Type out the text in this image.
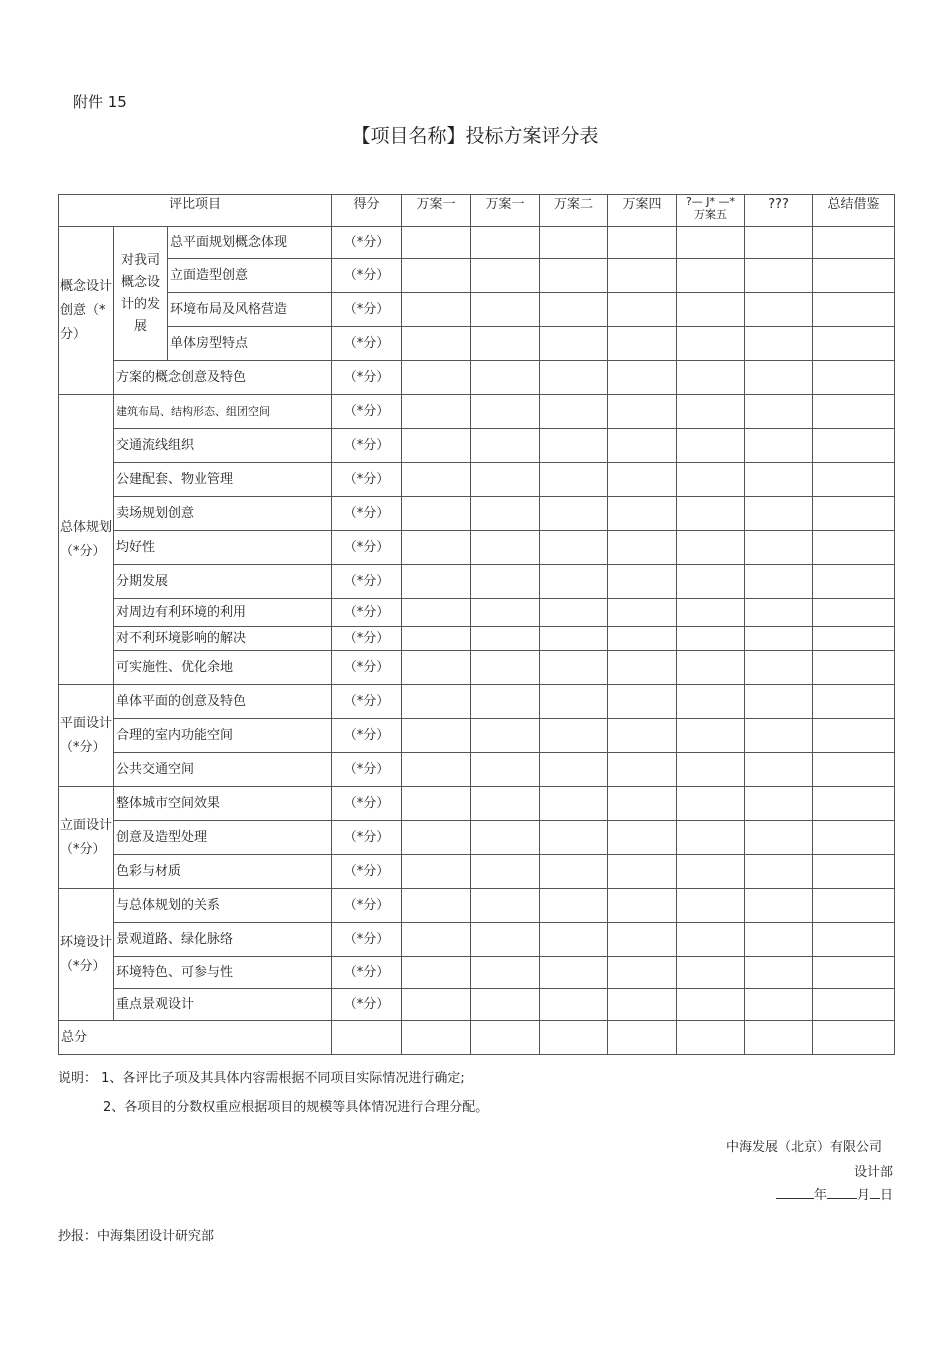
附件 15
【项目名称】投标方案评分表
评比项目			得分	万案一	万案一	万案二	万案四	?— J* —* 万案五	???	总结借鉴
概念设计创意（*分）	对我司概念设计的发展	总平面规划概念体现	（*分）							
		立面造型创意	（*分）							
		环境布局及风格营造	（*分）							
		单体房型特点	（*分）							
	方案的概念创意及特色		（*分）							
总体规划（*分）	建筑布局、结构形态、组团空间		（*分）							
	交通流线组织		（*分）							
	公建配套、物业管理		（*分）							
	卖场规划创意		（*分）							
	均好性		（*分）							
	分期发展		（*分）							
	对周边有利环境的利用		（*分）							
	对不利环境影响的解决		（*分）							
	可实施性、优化余地		（*分）							
平面设计（*分）	单体平面的创意及特色		（*分）							
	合理的室内功能空间		（*分）							
	公共交通空间		（*分）							
立面设计（*分）	整体城市空间效果		（*分）							
	创意及造型处理		（*分）							
	色彩与材质		（*分）							
环境设计（*分）	与总体规划的关系		（*分）							
	景观道路、绿化脉络		（*分）							
	环境特色、可参与性		（*分）							
	重点景观设计		（*分）							
总分										
说明： 1、各评比子项及其具体内容需根据不同项目实际情况进行确定;
2、各项目的分数权重应根据项目的规模等具体情况进行合理分配。
中海发展（北京）有限公司
设计部
年 月 日
抄报：中海集团设计研究部
